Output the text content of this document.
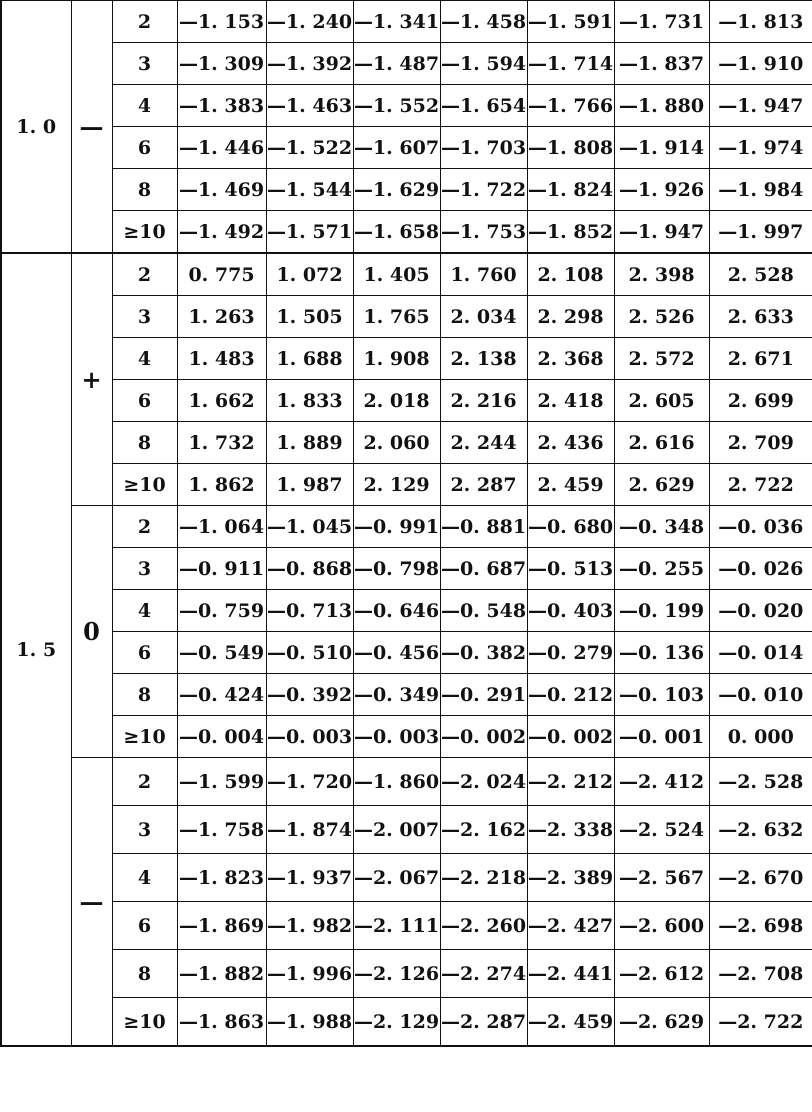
1. 0	—	2	—1. 153	—1. 240	—1. 341	—1. 458	—1. 591	—1. 731	—1. 813
		3	—1. 309	—1. 392	—1. 487	—1. 594	—1. 714	—1. 837	—1. 910
		4	—1. 383	—1. 463	—1. 552	—1. 654	—1. 766	—1. 880	—1. 947
		6	—1. 446	—1. 522	—1. 607	—1. 703	—1. 808	—1. 914	—1. 974
		8	—1. 469	—1. 544	—1. 629	—1. 722	—1. 824	—1. 926	—1. 984
		≥10	—1. 492	—1. 571	—1. 658	—1. 753	—1. 852	—1. 947	—1. 997
1. 5	+	2	0. 775	1. 072	1. 405	1. 760	2. 108	2. 398	2. 528
		3	1. 263	1. 505	1. 765	2. 034	2. 298	2. 526	2. 633
		4	1. 483	1. 688	1. 908	2. 138	2. 368	2. 572	2. 671
		6	1. 662	1. 833	2. 018	2. 216	2. 418	2. 605	2. 699
		8	1. 732	1. 889	2. 060	2. 244	2. 436	2. 616	2. 709
		≥10	1. 862	1. 987	2. 129	2. 287	2. 459	2. 629	2. 722
	0	2	—1. 064	—1. 045	—0. 991	—0. 881	—0. 680	—0. 348	—0. 036
		3	—0. 911	—0. 868	—0. 798	—0. 687	—0. 513	—0. 255	—0. 026
		4	—0. 759	—0. 713	—0. 646	—0. 548	—0. 403	—0. 199	—0. 020
		6	—0. 549	—0. 510	—0. 456	—0. 382	—0. 279	—0. 136	—0. 014
		8	—0. 424	—0. 392	—0. 349	—0. 291	—0. 212	—0. 103	—0. 010
		≥10	—0. 004	—0. 003	—0. 003	—0. 002	—0. 002	—0. 001	0. 000
	—	2	—1. 599	—1. 720	—1. 860	—2. 024	—2. 212	—2. 412	—2. 528
		3	—1. 758	—1. 874	—2. 007	—2. 162	—2. 338	—2. 524	—2. 632
		4	—1. 823	—1. 937	—2. 067	—2. 218	—2. 389	—2. 567	—2. 670
		6	—1. 869	—1. 982	—2. 111	—2. 260	—2. 427	—2. 600	—2. 698
		8	—1. 882	—1. 996	—2. 126	—2. 274	—2. 441	—2. 612	—2. 708
		≥10	—1. 863	—1. 988	—2. 129	—2. 287	—2. 459	—2. 629	—2. 722
